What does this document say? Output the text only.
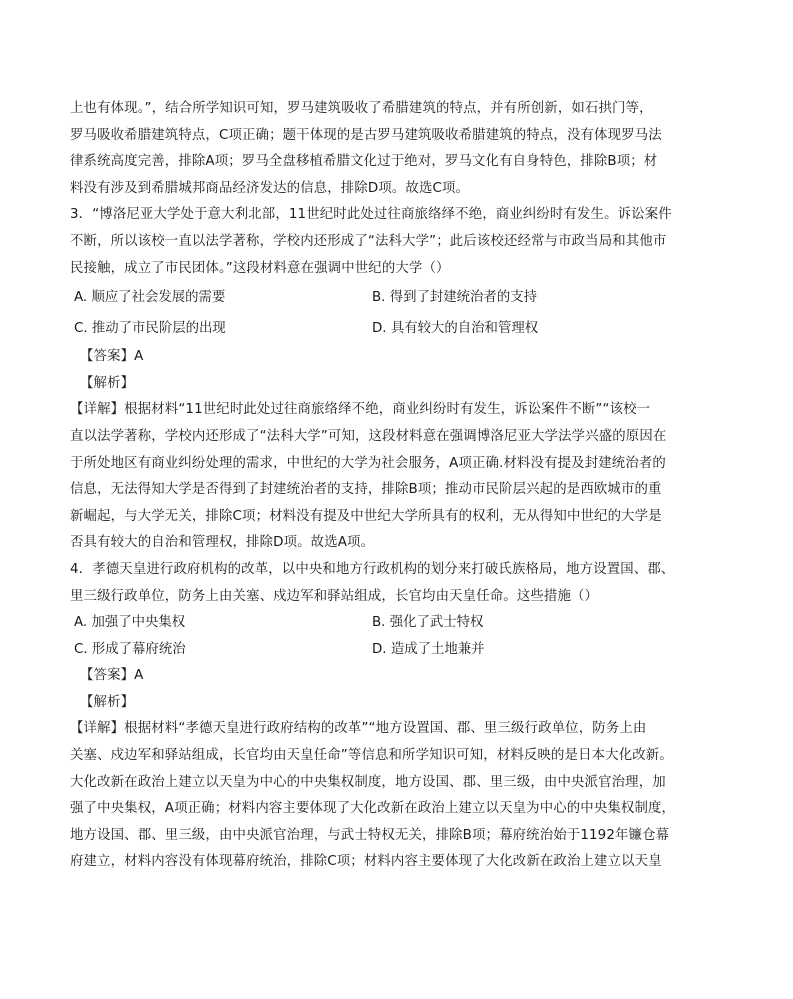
上也有体现。”，结合所学知识可知，罗马建筑吸收了希腊建筑的特点，并有所创新，如石拱门等，
罗马吸收希腊建筑特点，C项正确；题干体现的是古罗马建筑吸收希腊建筑的特点，没有体现罗马法
律系统高度完善，排除A项；罗马全盘移植希腊文化过于绝对，罗马文化有自身特色，排除B项；材
料没有涉及到希腊城邦商品经济发达的信息，排除D项。故选C项。
3．“博洛尼亚大学处于意大利北部，11世纪时此处过往商旅络绎不绝，商业纠纷时有发生。诉讼案件
不断，所以该校一直以法学著称，学校内还形成了“法科大学”；此后该校还经常与市政当局和其他市
民接触，成立了市民团体。”这段材料意在强调中世纪的大学（）
A. 顺应了社会发展的需要	B. 得到了封建统治者的支持
C. 推动了市民阶层的出现	D. 具有较大的自治和管理权
【答案】A
【解析】
【详解】根据材料“11世纪时此处过往商旅络绎不绝，商业纠纷时有发生，诉讼案件不断”“该校一
直以法学著称，学校内还形成了“法科大学”可知，这段材料意在强调博洛尼亚大学法学兴盛的原因在
于所处地区有商业纠纷处理的需求，中世纪的大学为社会服务，A项正确.材料没有提及封建统治者的
信息，无法得知大学是否得到了封建统治者的支持，排除B项；推动市民阶层兴起的是西欧城市的重
新崛起，与大学无关，排除C项；材料没有提及中世纪大学所具有的权利，无从得知中世纪的大学是
否具有较大的自治和管理权，排除D项。故选A项。
4．孝德天皇进行政府机构的改革，以中央和地方行政机构的划分来打破氏族格局，地方设置国、郡、
里三级行政单位，防务上由关塞、戍边军和驿站组成，长官均由天皇任命。这些措施（）
A. 加强了中央集权	B. 强化了武士特权
C. 形成了幕府统治	D. 造成了土地兼并
【答案】A
【解析】
【详解】根据材料“孝德天皇进行政府结构的改革”“地方设置国、郡、里三级行政单位，防务上由
关塞、戍边军和驿站组成，长官均由天皇任命”等信息和所学知识可知，材料反映的是日本大化改新。
大化改新在政治上建立以天皇为中心的中央集权制度，地方设国、郡、里三级，由中央派官治理，加
强了中央集权，A项正确；材料内容主要体现了大化改新在政治上建立以天皇为中心的中央集权制度，
地方设国、郡、里三级，由中央派官治理，与武士特权无关，排除B项；幕府统治始于1192年镰仓幕
府建立，材料内容没有体现幕府统治，排除C项；材料内容主要体现了大化改新在政治上建立以天皇
